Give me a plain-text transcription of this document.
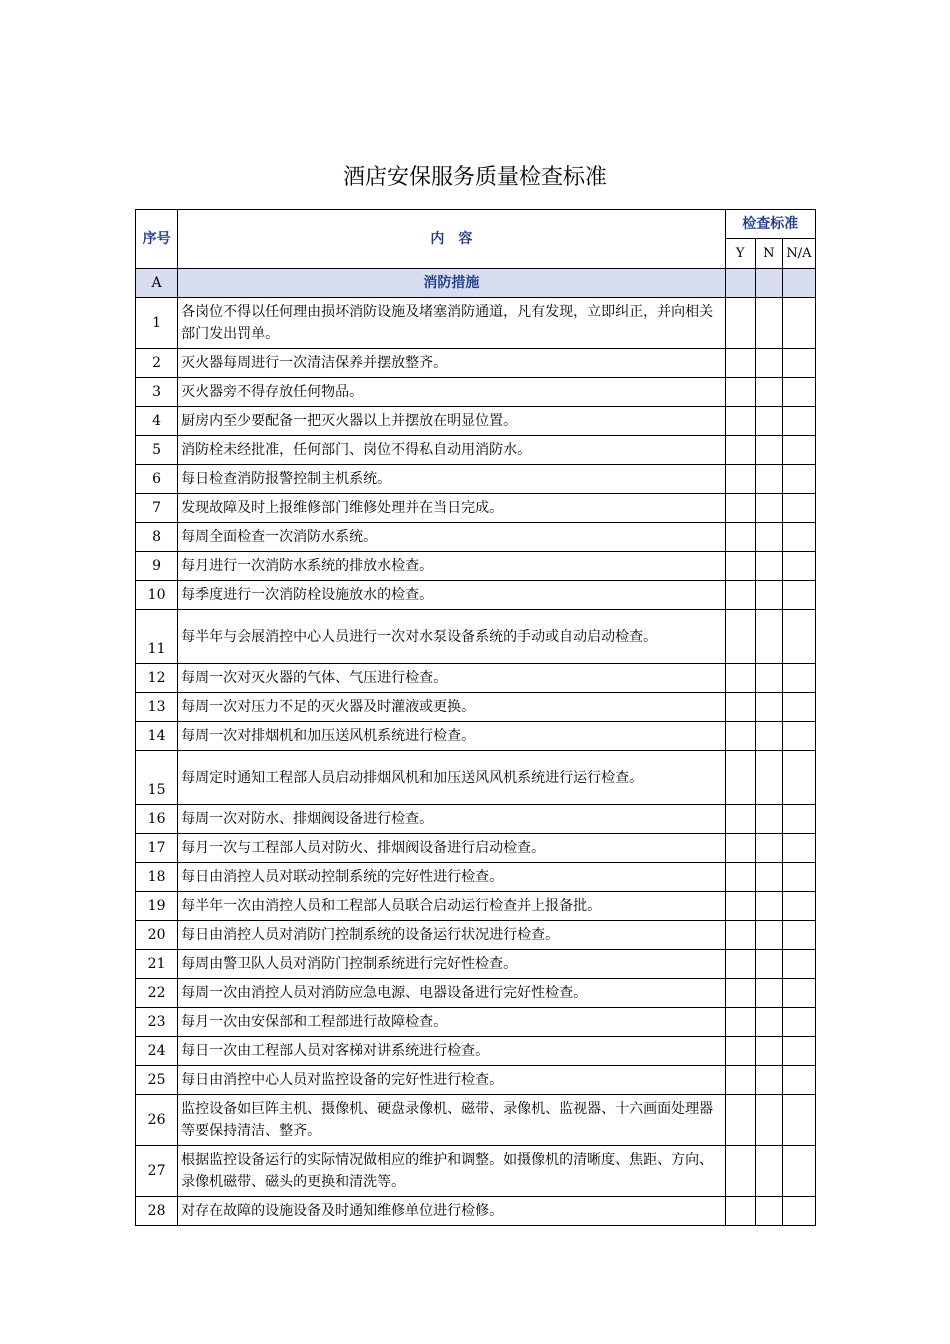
酒店安保服务质量检查标准
序号	内　容	检查标准		
		Y	N	N/A
A	消防措施			
1	各岗位不得以任何理由损坏消防设施及堵塞消防通道，凡有发现，立即纠正，并向相关部门发出罚单。			
2	灭火器每周进行一次清洁保养并摆放整齐。			
3	灭火器旁不得存放任何物品。			
4	厨房内至少要配备一把灭火器以上并摆放在明显位置。			
5	消防栓未经批准，任何部门、岗位不得私自动用消防水。			
6	每日检查消防报警控制主机系统。			
7	发现故障及时上报维修部门维修处理并在当日完成。			
8	每周全面检查一次消防水系统。			
9	每月进行一次消防水系统的排放水检查。			
10	每季度进行一次消防栓设施放水的检查。			
11	每半年与会展消控中心人员进行一次对水泵设备系统的手动或自动启动检查。			
12	每周一次对灭火器的气体、气压进行检查。			
13	每周一次对压力不足的灭火器及时灌液或更换。			
14	每周一次对排烟机和加压送风机系统进行检查。			
15	每周定时通知工程部人员启动排烟风机和加压送风风机系统进行运行检查。			
16	每周一次对防水、排烟阀设备进行检查。			
17	每月一次与工程部人员对防火、排烟阀设备进行启动检查。			
18	每日由消控人员对联动控制系统的完好性进行检查。			
19	每半年一次由消控人员和工程部人员联合启动运行检查并上报备批。			
20	每日由消控人员对消防门控制系统的设备运行状况进行检查。			
21	每周由警卫队人员对消防门控制系统进行完好性检查。			
22	每周一次由消控人员对消防应急电源、电器设备进行完好性检查。			
23	每月一次由安保部和工程部进行故障检查。			
24	每日一次由工程部人员对客梯对讲系统进行检查。			
25	每日由消控中心人员对监控设备的完好性进行检查。			
26	监控设备如巨阵主机、摄像机、硬盘录像机、磁带、录像机、监视器、十六画面处理器等要保持清洁、整齐。			
27	根据监控设备运行的实际情况做相应的维护和调整。如摄像机的清晰度、焦距、方向、录像机磁带、磁头的更换和清洗等。			
28	对存在故障的设施设备及时通知维修单位进行检修。			
